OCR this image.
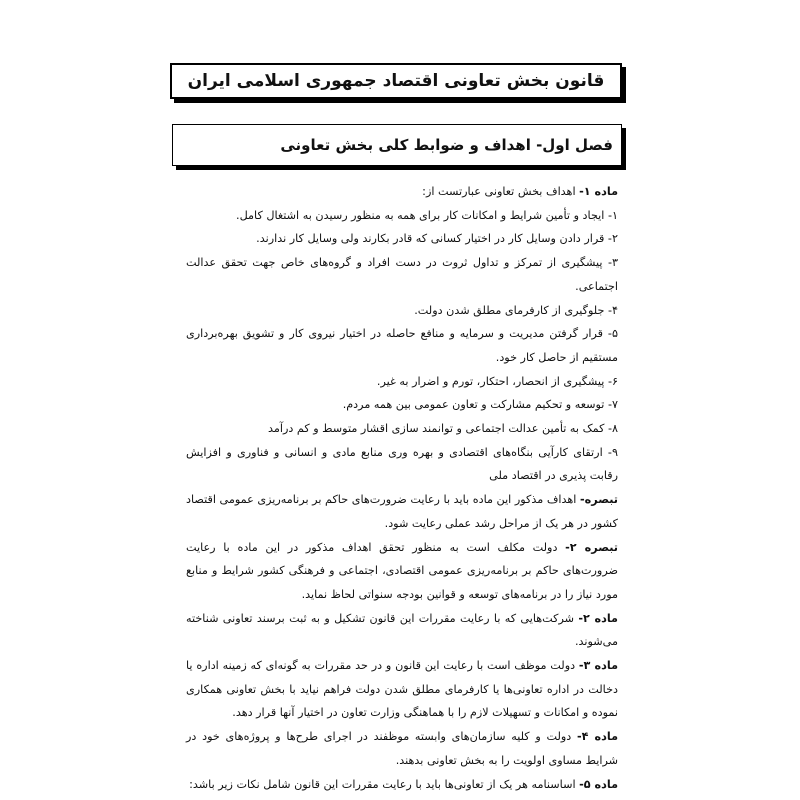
قانون بخش تعاونی اقتصاد جمهوری اسلامی ایران
فصل اول- اهداف و ضوابط کلی بخش تعاونی

ماده ۱- اهداف بخش تعاونی عبارتست از:

۱- ایجاد و تأمین شرایط و امکانات کار برای همه به منظور رسیدن به اشتغال کامل.

۲- قرار دادن وسایل کار در اختیار کسانی که قادر بکارند ولی وسایل کار ندارند.

۳- پیشگیری از تمرکز و تداول ثروت در دست افراد و گروه‌های خاص جهت تحقق عدالت اجتماعی.

۴- جلوگیری از کارفرمای مطلق شدن دولت.

۵- قرار گرفتن مدیریت و سرمایه و منافع حاصله در اختیار نیروی کار و تشویق بهره‌برداری مستقیم از حاصل کار خود.

۶- پیشگیری از انحصار، احتکار، تورم و اضرار به غیر.

۷- توسعه و تحکیم مشارکت و تعاون عمومی بین همه مردم.

۸- کمک به تأمین عدالت اجتماعی و توانمند سازی اقشار متوسط و کم درآمد

۹- ارتقای کارآیی بنگاه‌های اقتصادی و بهره وری منابع مادی و انسانی و فناوری و افزایش رقابت پذیری در اقتصاد ملی

تبصره- اهداف مذکور این ماده باید با رعایت ضرورت‌های حاکم بر برنامه‌ریزی عمومی اقتصاد کشور در هر یک از مراحل رشد عملی رعایت شود.

تبصره ۲- دولت مکلف است به منظور تحقق اهداف مذکور در این ماده با رعایت ضرورت‌های حاکم بر برنامه‌ریزی عمومی اقتصادی، اجتماعی و فرهنگی کشور شرایط و منابع مورد نیاز را در برنامه‌های توسعه و قوانین بودجه سنواتی لحاظ نماید.

ماده ۲- شرکت‌هایی که با رعایت مقررات این قانون تشکیل و به ثبت برسند تعاونی شناخته می‌شوند.

ماده ۳- دولت موظف است با رعایت این قانون و در حد مقررات به گونه‌ای که زمینه اداره یا دخالت در اداره تعاونی‌ها یا کارفرمای مطلق شدن دولت فراهم نیاید با بخش تعاونی همکاری نموده و امکانات و تسهیلات لازم را با هماهنگی وزارت تعاون در اختیار آنها قرار دهد.

ماده ۴- دولت و کلیه سازمان‌های وابسته موظفند در اجرای طرح‌ها و پروژه‌های خود در شرایط مساوی اولویت را به بخش تعاونی بدهند.

ماده ۵- اساسنامه هر یک از تعاونی‌ها باید با رعایت مقررات این قانون شامل نکات زیر باشد:
